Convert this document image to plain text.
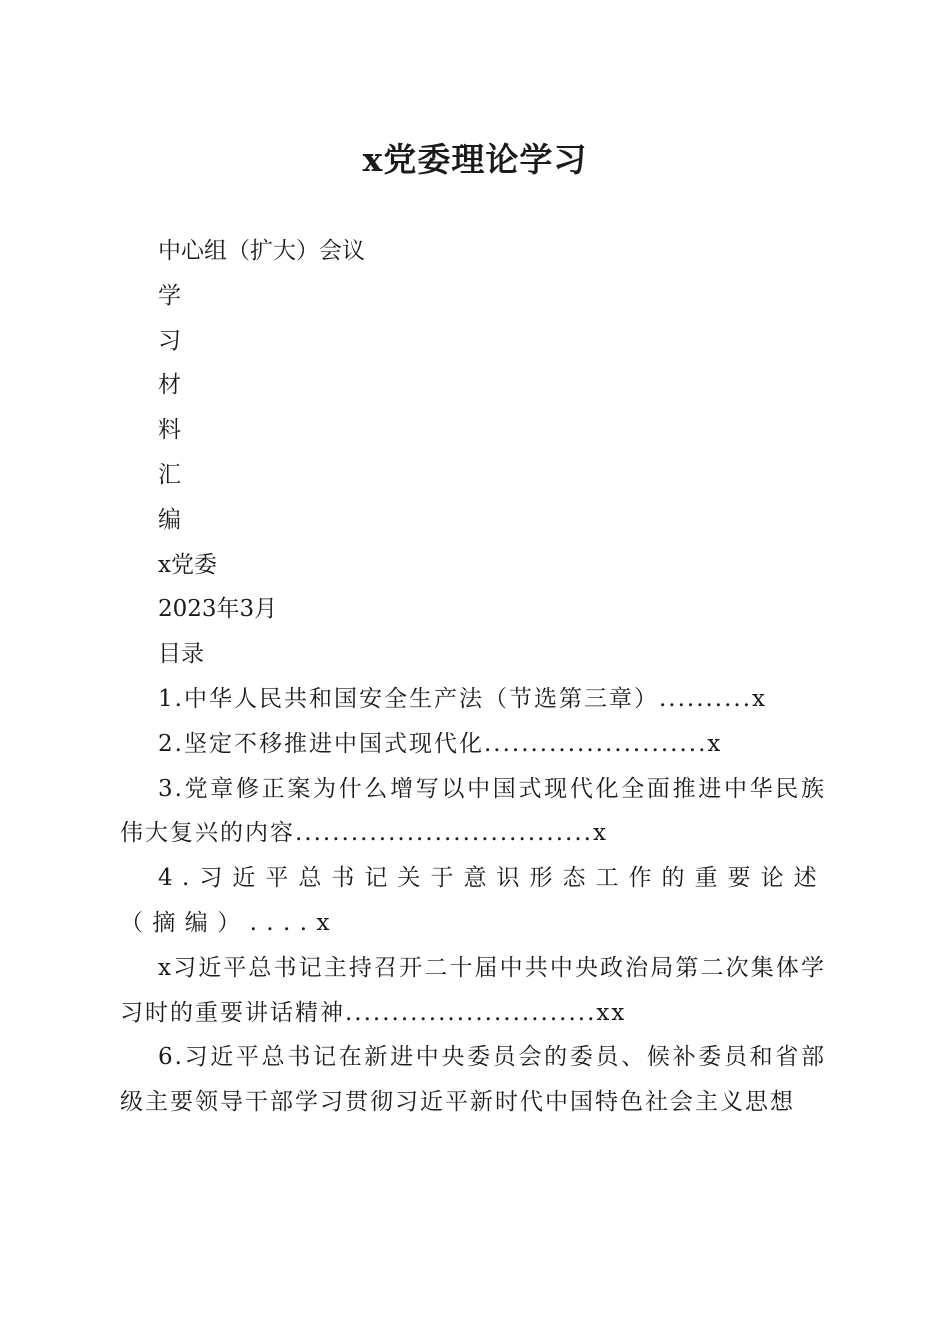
x党委理论学习
中心组（扩大）会议
学
习
材
料
汇
编
x党委
2023年3月
目录
1.中华人民共和国安全生产法（节选第三章）..........x
2.坚定不移推进中国式现代化........................x
3.党章修正案为什么增写以中国式现代化全面推进中华民族伟大复兴的内容................................x
4.习近平总书记关于意识形态工作的重要论述（摘编）....x
x习近平总书记主持召开二十届中共中央政治局第二次集体学习时的重要讲话精神...........................xx
6.习近平总书记在新进中央委员会的委员、候补委员和省部级主要领导干部学习贯彻习近平新时代中国特色社会主义思想
